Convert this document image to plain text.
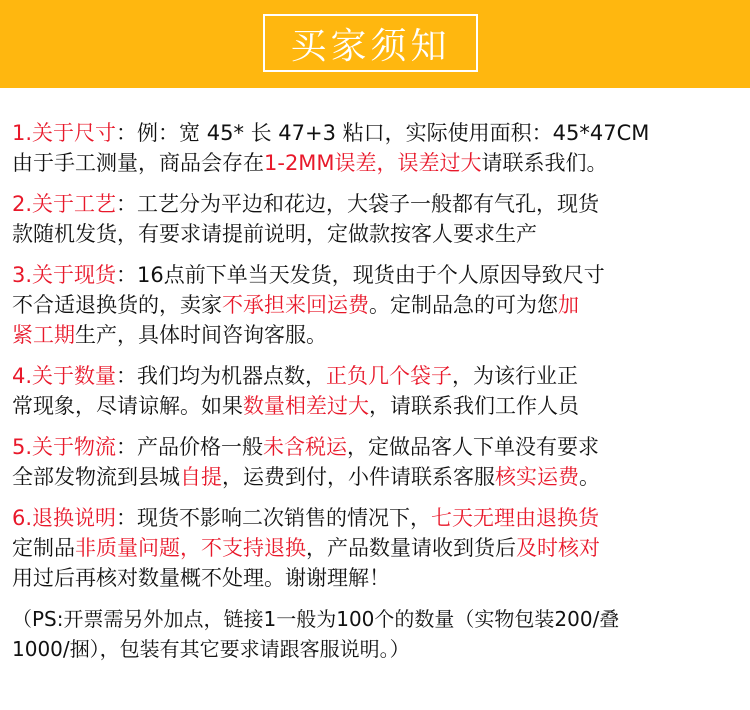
买家须知
1.关于尺寸：例：宽 45* 长 47+3 粘口，实际使用面积：45*47CM
由于手工测量，商品会存在1-2MM误差，误差过大请联系我们。
2.关于工艺：工艺分为平边和花边，大袋子一般都有气孔，现货
款随机发货，有要求请提前说明，定做款按客人要求生产
3.关于现货：16点前下单当天发货，现货由于个人原因导致尺寸
不合适退换货的，卖家不承担来回运费。定制品急的可为您加
紧工期生产，具体时间咨询客服。
4.关于数量：我们均为机器点数，正负几个袋子，为该行业正
常现象，尽请谅解。如果数量相差过大，请联系我们工作人员
5.关于物流：产品价格一般未含税运，定做品客人下单没有要求
全部发物流到县城自提，运费到付，小件请联系客服核实运费。
6.退换说明：现货不影响二次销售的情况下，七天无理由退换货
定制品非质量问题，不支持退换，产品数量请收到货后及时核对
用过后再核对数量概不处理。谢谢理解！
（PS:开票需另外加点，链接1一般为100个的数量（实物包装200/叠
1000/捆），包装有其它要求请跟客服说明。）
